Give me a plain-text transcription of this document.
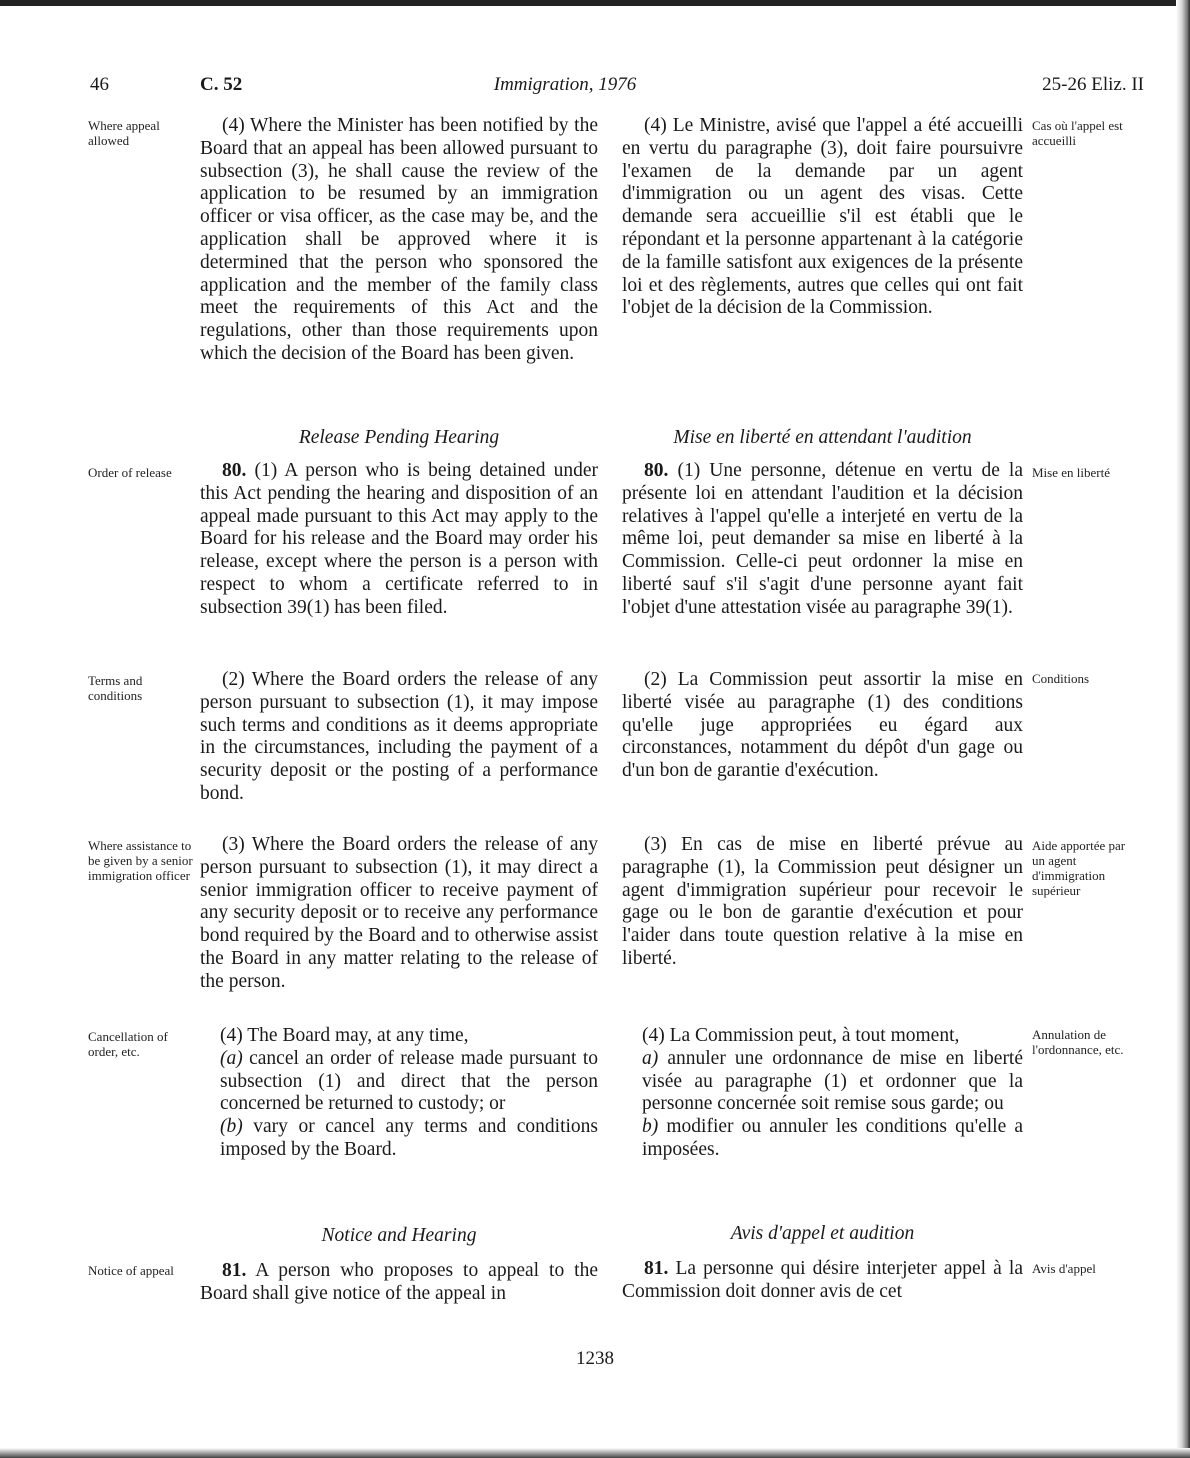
46	C. 52	Immigration, 1976	25-26 Eliz. II
Where appeal allowed
Cas où l'appel est accueilli
(4) Where the Minister has been notified by the Board that an appeal has been allowed pursuant to subsection (3), he shall cause the review of the application to be resumed by an immigration officer or visa officer, as the case may be, and the application shall be approved where it is determined that the person who sponsored the application and the member of the family class meet the requirements of this Act and the regulations, other than those requirements upon which the decision of the Board has been given.
(4) Le Ministre, avisé que l'appel a été accueilli en vertu du paragraphe (3), doit faire poursuivre l'examen de la demande par un agent d'immigration ou un agent des visas. Cette demande sera accueillie s'il est établi que le répondant et la personne appartenant à la catégorie de la famille satisfont aux exigences de la présente loi et des règlements, autres que celles qui ont fait l'objet de la décision de la Commission.
Release Pending Hearing	Mise en liberté en attendant l'audition
Order of release	Mise en liberté
80. (1) A person who is being detained under this Act pending the hearing and disposition of an appeal made pursuant to this Act may apply to the Board for his release and the Board may order his release, except where the person is a person with respect to whom a certificate referred to in subsection 39(1) has been filed.
80. (1) Une personne, détenue en vertu de la présente loi en attendant l'audition et la décision relatives à l'appel qu'elle a interjeté en vertu de la même loi, peut demander sa mise en liberté à la Commission. Celle-ci peut ordonner la mise en liberté sauf s'il s'agit d'une personne ayant fait l'objet d'une attestation visée au paragraphe 39(1).
Terms and conditions
Conditions
(2) Where the Board orders the release of any person pursuant to subsection (1), it may impose such terms and conditions as it deems appropriate in the circumstances, including the payment of a security deposit or the posting of a performance bond.
(2) La Commission peut assortir la mise en liberté visée au paragraphe (1) des conditions qu'elle juge appropriées eu égard aux circonstances, notamment du dépôt d'un gage ou d'un bon de garantie d'exécution.
Where assistance to be given by a senior immigration officer
Aide apportée par un agent d'immigration supérieur
(3) Where the Board orders the release of any person pursuant to subsection (1), it may direct a senior immigration officer to receive payment of any security deposit or to receive any performance bond required by the Board and to otherwise assist the Board in any matter relating to the release of the person.
(3) En cas de mise en liberté prévue au paragraphe (1), la Commission peut désigner un agent d'immigration supérieur pour recevoir le gage ou le bon de garantie d'exécution et pour l'aider dans toute question relative à la mise en liberté.
Cancellation of order, etc.
Annulation de l'ordonnance, etc.
(4) The Board may, at any time,
(a) cancel an order of release made pursuant to subsection (1) and direct that the person concerned be returned to custody; or
(b) vary or cancel any terms and conditions imposed by the Board.
(4) La Commission peut, à tout moment,
a) annuler une ordonnance de mise en liberté visée au paragraphe (1) et ordonner que la personne concernée soit remise sous garde; ou
b) modifier ou annuler les conditions qu'elle a imposées.
Notice and Hearing	Avis d'appel et audition
Notice of appeal	Avis d'appel
81. A person who proposes to appeal to the Board shall give notice of the appeal in
81. La personne qui désire interjeter appel à la Commission doit donner avis de cet
1238
